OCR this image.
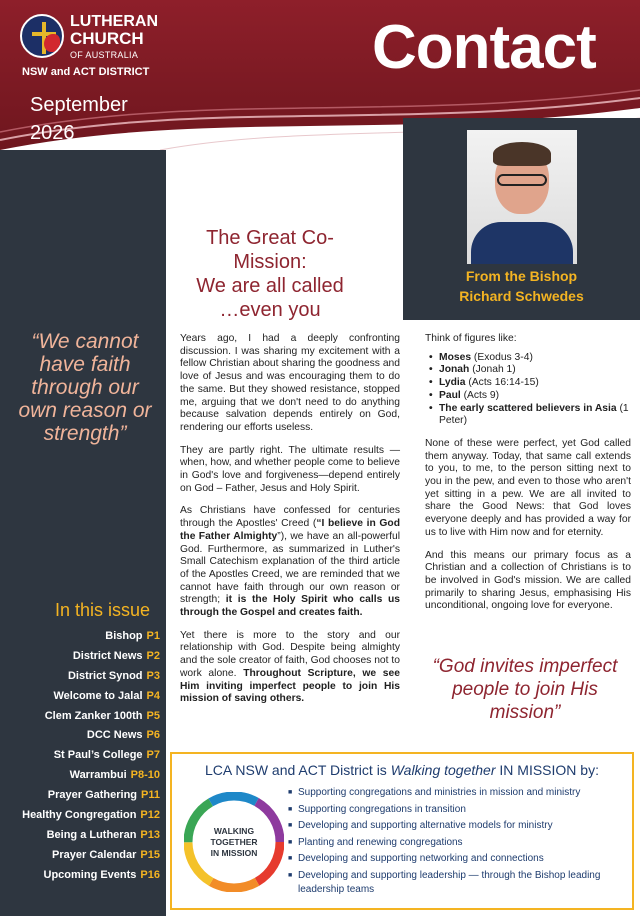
LUTHERAN
CHURCH
OF AUSTRALIA
NSW and ACT DISTRICT
September
2026
Contact
“We cannot have faith through our own reason or strength”
In this issue
Bishop P1
District News P2
District Synod P3
Welcome to Jalal P4
Clem Zanker 100th P5
DCC News P6
St Paul’s College P7
Warrambui P8-10
Prayer Gathering P11
Healthy Congregation P12
Being a Lutheran P13
Prayer Calendar P15
Upcoming Events P16
From the Bishop
Richard Schwedes
The Great Co-Mission:
We are all called
…even you

Years ago, I had a deeply confronting discussion. I was sharing my excitement with a fellow Christian about sharing the goodness and love of Jesus and was encouraging them to do the same. But they showed resistance, stopped me, arguing that we don't need to do anything because salvation depends entirely on God, rendering our efforts useless.

They are partly right. The ultimate results — when, how, and whether people come to believe in God's love and forgiveness—depend entirely on God – Father, Jesus and Holy Spirit.

As Christians have confessed for centuries through the Apostles' Creed (“I believe in God the Father Almighty”), we have an all-powerful God. Furthermore, as summarized in Luther's Small Catechism explanation of the third article of the Apostles Creed, we are reminded that we cannot have faith through our own reason or strength; it is the Holy Spirit who calls us through the Gospel and creates faith.

Yet there is more to the story and our relationship with God. Despite being almighty and the sole creator of faith, God chooses not to work alone. Throughout Scripture, we see Him inviting imperfect people to join His mission of saving others.

Think of figures like:

• Moses (Exodus 3-4)
• Jonah (Jonah 1)
• Lydia (Acts 16:14-15)
• Paul (Acts 9)
• The early scattered believers in Asia (1 Peter)

None of these were perfect, yet God called them anyway. Today, that same call extends to you, to me, to the person sitting next to you in the pew, and even to those who aren't yet sitting in a pew. We are all invited to share the Good News: that God loves everyone deeply and has provided a way for us to live with Him now and for eternity.

And this means our primary focus as a Christian and a collection of Christians is to be involved in God's mission. We are called primarily to sharing Jesus, emphasising His unconditional, ongoing love for everyone.

“God invites imperfect people to join His mission”
LCA NSW and ACT District is Walking together IN MISSION by:
WALKING
TOGETHER
IN MISSION
■ Supporting congregations and ministries in mission and ministry
■ Supporting congregations in transition
■ Developing and supporting alternative models for ministry
■ Planting and renewing congregations
■ Developing and supporting networking and connections
■ Developing and supporting leadership — through the Bishop leading leadership teams
